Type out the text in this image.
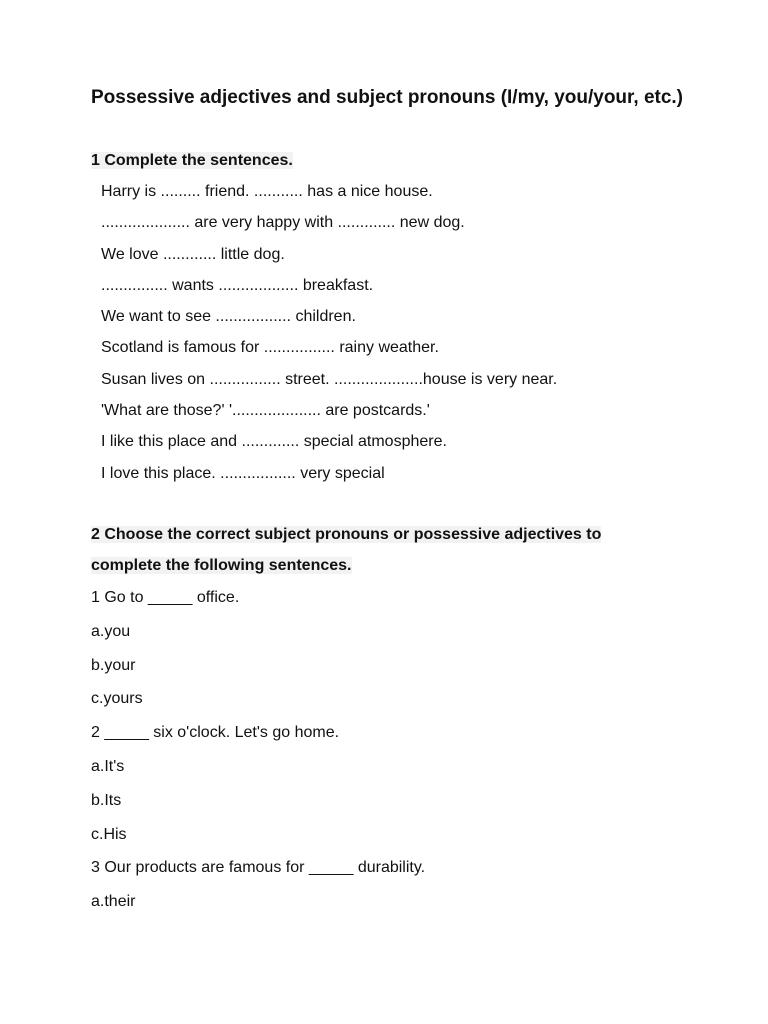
Possessive adjectives and subject pronouns (I/my, you/your, etc.)
1 Complete the sentences.
Harry is ......... friend. ........... has a nice house.
.................... are very happy with ............. new dog.
We love ............ little dog.
............... wants .................. breakfast.
We want to see ................. children.
Scotland is famous for ................ rainy weather.
Susan lives on ................ street. ....................house is very near.
'What are those?' '.................... are postcards.'
I like this place and ............. special atmosphere.
I love this place. ................. very special
2 Choose the correct subject pronouns or possessive adjectives to
complete the following sentences.
1 Go to _____ office.
a.you
b.your
c.yours
2 _____ six o'clock. Let's go home.
a.It's
b.Its
c.His
3 Our products are famous for _____ durability.
a.their
